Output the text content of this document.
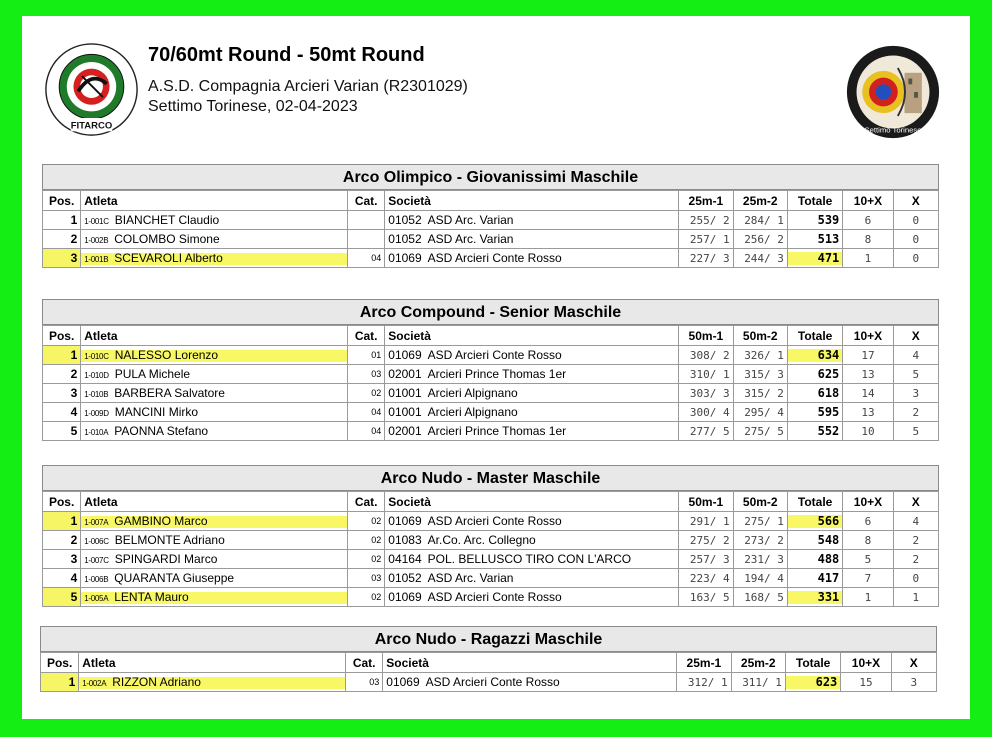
FITARCO
70/60mt Round - 50mt Round
A.S.D. Compagnia Arcieri Varian (R2301029)
Settimo Torinese, 02-04-2023
Settimo Torinese
Arco Olimpico - Giovanissimi Maschile
Pos.	Atleta	Cat.	Società	25m-1	25m-2	Totale	10+X	X
1	1-001C BIANCHET Claudio		01052 ASD Arc. Varian	255/ 2	284/ 1	539	6	0
2	1-002B COLOMBO Simone		01052 ASD Arc. Varian	257/ 1	256/ 2	513	8	0
3	1-001B SCEVAROLI Alberto	04	01069 ASD Arcieri Conte Rosso	227/ 3	244/ 3	471	1	0
Arco Compound - Senior Maschile
Pos.	Atleta	Cat.	Società	50m-1	50m-2	Totale	10+X	X
1	1-010C NALESSO Lorenzo	01	01069 ASD Arcieri Conte Rosso	308/ 2	326/ 1	634	17	4
2	1-010D PULA Michele	03	02001 Arcieri Prince Thomas 1er	310/ 1	315/ 3	625	13	5
3	1-010B BARBERA Salvatore	02	01001 Arcieri Alpignano	303/ 3	315/ 2	618	14	3
4	1-009D MANCINI Mirko	04	01001 Arcieri Alpignano	300/ 4	295/ 4	595	13	2
5	1-010A PAONNA Stefano	04	02001 Arcieri Prince Thomas 1er	277/ 5	275/ 5	552	10	5
Arco Nudo - Master Maschile
Pos.	Atleta	Cat.	Società	50m-1	50m-2	Totale	10+X	X
1	1-007A GAMBINO Marco	02	01069 ASD Arcieri Conte Rosso	291/ 1	275/ 1	566	6	4
2	1-006C BELMONTE Adriano	02	01083 Ar.Co. Arc. Collegno	275/ 2	273/ 2	548	8	2
3	1-007C SPINGARDI Marco	02	04164 POL. BELLUSCO TIRO CON L'ARCO	257/ 3	231/ 3	488	5	2
4	1-006B QUARANTA Giuseppe	03	01052 ASD Arc. Varian	223/ 4	194/ 4	417	7	0
5	1-005A LENTA Mauro	02	01069 ASD Arcieri Conte Rosso	163/ 5	168/ 5	331	1	1
Arco Nudo - Ragazzi Maschile
Pos.	Atleta	Cat.	Società	25m-1	25m-2	Totale	10+X	X
1	1-002A RIZZON Adriano	03	01069 ASD Arcieri Conte Rosso	312/ 1	311/ 1	623	15	3
